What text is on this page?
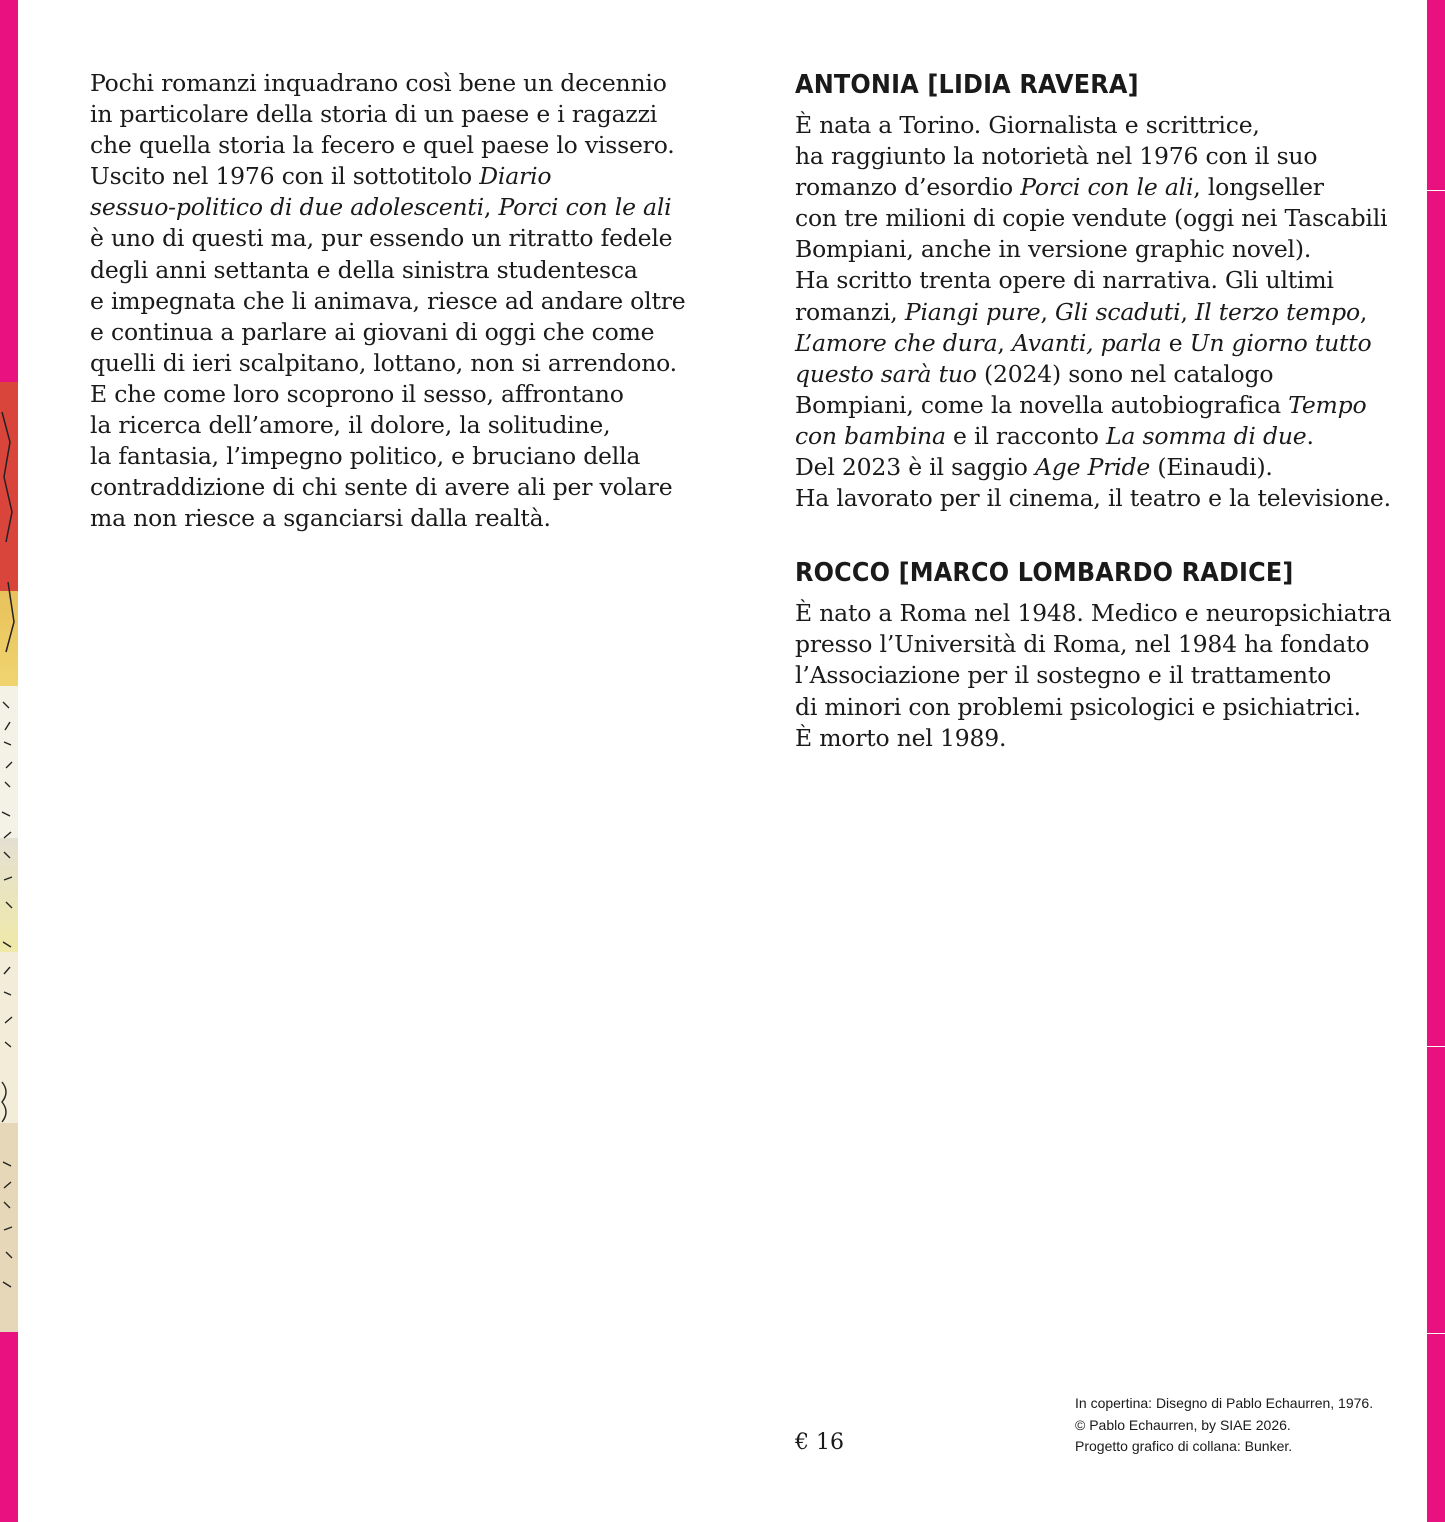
Pochi romanzi inquadrano così bene un decennio
in particolare della storia di un paese e i ragazzi
che quella storia la fecero e quel paese lo vissero.
Uscito nel 1976 con il sottotitolo Diario
sessuo-politico di due adolescenti, Porci con le ali
è uno di questi ma, pur essendo un ritratto fedele
degli anni settanta e della sinistra studentesca
e impegnata che li animava, riesce ad andare oltre
e continua a parlare ai giovani di oggi che come
quelli di ieri scalpitano, lottano, non si arrendono.
E che come loro scoprono il sesso, affrontano
la ricerca dell’amore, il dolore, la solitudine,
la fantasia, l’impegno politico, e bruciano della
contraddizione di chi sente di avere ali per volare
ma non riesce a sganciarsi dalla realtà.
ANTONIA [LIDIA RAVERA]
È nata a Torino. Giornalista e scrittrice,
ha raggiunto la notorietà nel 1976 con il suo
romanzo d’esordio Porci con le ali, longseller
con tre milioni di copie vendute (oggi nei Tascabili
Bompiani, anche in versione graphic novel).
Ha scritto trenta opere di narrativa. Gli ultimi
romanzi, Piangi pure, Gli scaduti, Il terzo tempo,
L’amore che dura, Avanti, parla e Un giorno tutto
questo sarà tuo (2024) sono nel catalogo
Bompiani, come la novella autobiografica Tempo
con bambina e il racconto La somma di due.
Del 2023 è il saggio Age Pride (Einaudi).
Ha lavorato per il cinema, il teatro e la televisione.
ROCCO [MARCO LOMBARDO RADICE]
È nato a Roma nel 1948. Medico e neuropsichiatra
presso l’Università di Roma, nel 1984 ha fondato
l’Associazione per il sostegno e il trattamento
di minori con problemi psicologici e psichiatrici.
È morto nel 1989.
€ 16
In copertina: Disegno di Pablo Echaurren, 1976.
© Pablo Echaurren, by SIAE 2026.
Progetto grafico di collana: Bunker.
